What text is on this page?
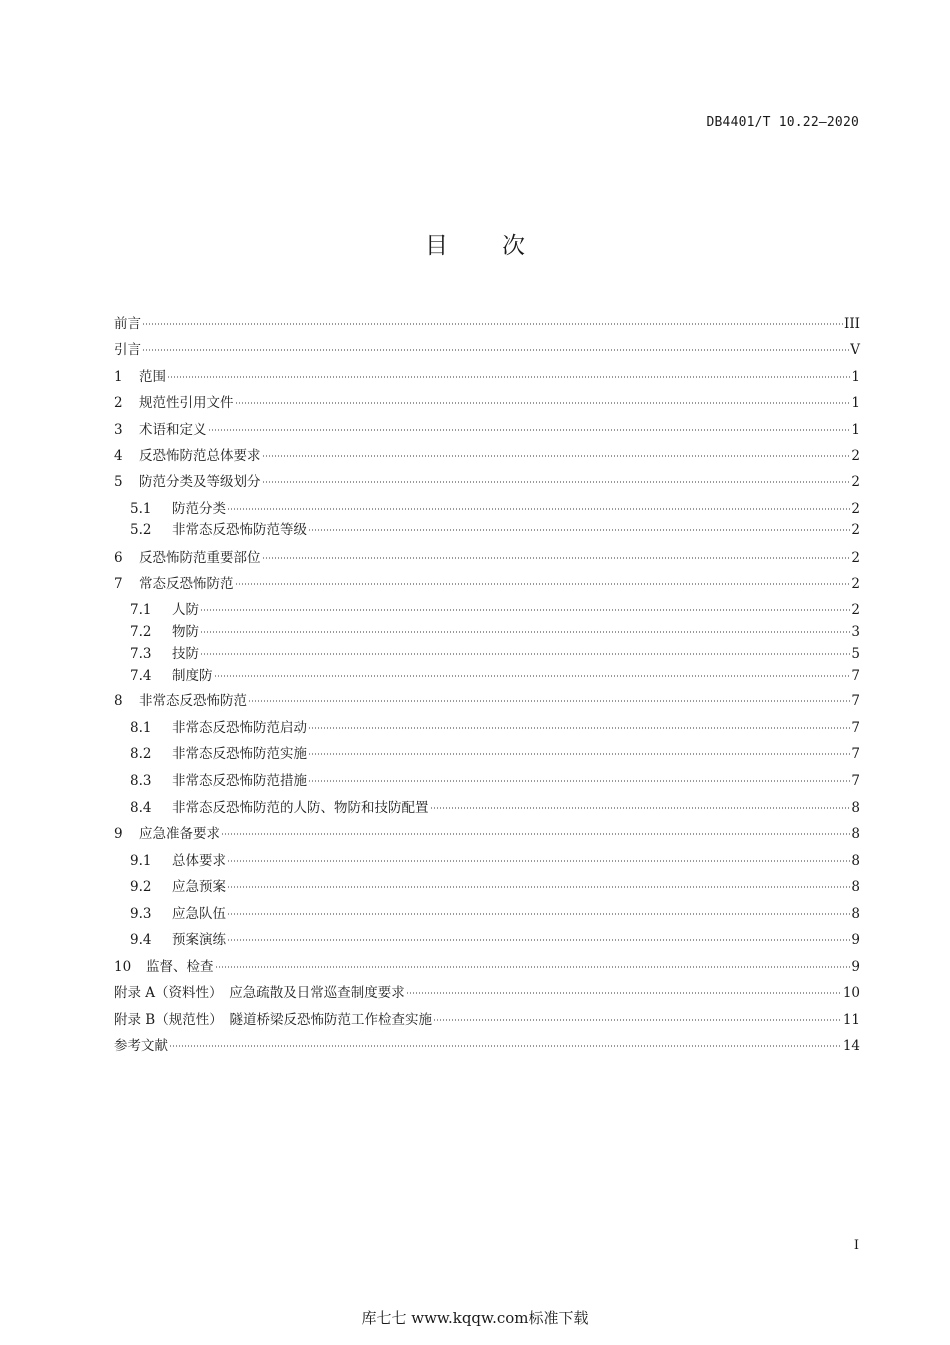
DB4401/T 10.22—2020
目次
前言	III
引言	V
1	范围	1
2	规范性引用文件	1
3	术语和定义	1
4	反恐怖防范总体要求	2
5	防范分类及等级划分	2
5.1	防范分类	2
5.2	非常态反恐怖防范等级	2
6	反恐怖防范重要部位	2
7	常态反恐怖防范	2
7.1	人防	2
7.2	物防	3
7.3	技防	5
7.4	制度防	7
8	非常态反恐怖防范	7
8.1	非常态反恐怖防范启动	7
8.2	非常态反恐怖防范实施	7
8.3	非常态反恐怖防范措施	7
8.4	非常态反恐怖防范的人防、物防和技防配置	8
9	应急准备要求	8
9.1	总体要求	8
9.2	应急预案	8
9.3	应急队伍	8
9.4	预案演练	9
10	监督、检查	9
附录 A（资料性）　应急疏散及日常巡查制度要求	10
附录 B（规范性）　隧道桥梁反恐怖防范工作检查实施	11
参考文献	14
I
库七七 www.kqqw.com标准下载
